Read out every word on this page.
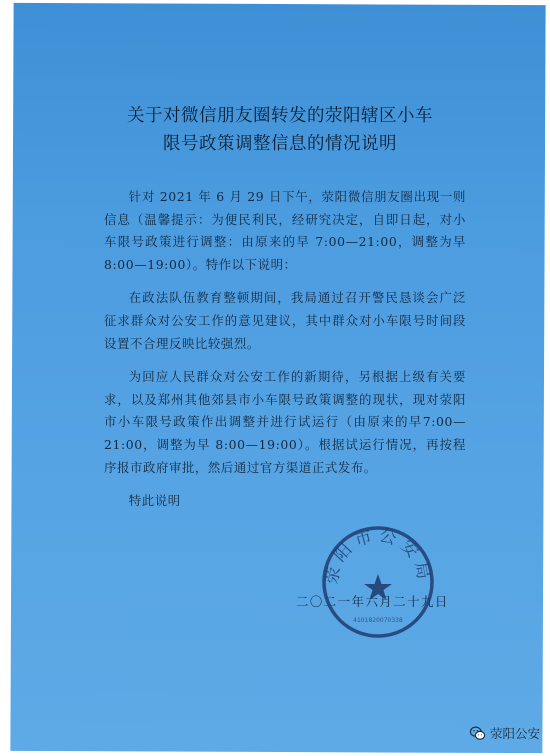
关于对微信朋友圈转发的荥阳辖区小车
限号政策调整信息的情况说明

针对 2021 年 6 月 29 日下午，荥阳微信朋友圈出现一则信息（温馨提示：为便民利民，经研究决定，自即日起，对小车限号政策进行调整：由原来的早 7:00—21:00，调整为早 8:00—19:00）。特作以下说明：

在政法队伍教育整顿期间，我局通过召开警民恳谈会广泛征求群众对公安工作的意见建议，其中群众对小车限号时间段设置不合理反映比较强烈。

为回应人民群众对公安工作的新期待，另根据上级有关要求，以及郑州其他郊县市小车限号政策调整的现状，现对荥阳市小车限号政策作出调整并进行试运行（由原来的早7:00—21:00，调整为早 8:00—19:00）。根据试运行情况，再按程序报市政府审批，然后通过官方渠道正式发布。

特此说明

二〇二一年六月二十九日
荥阳市公安局
4101820070338
荥阳公安
